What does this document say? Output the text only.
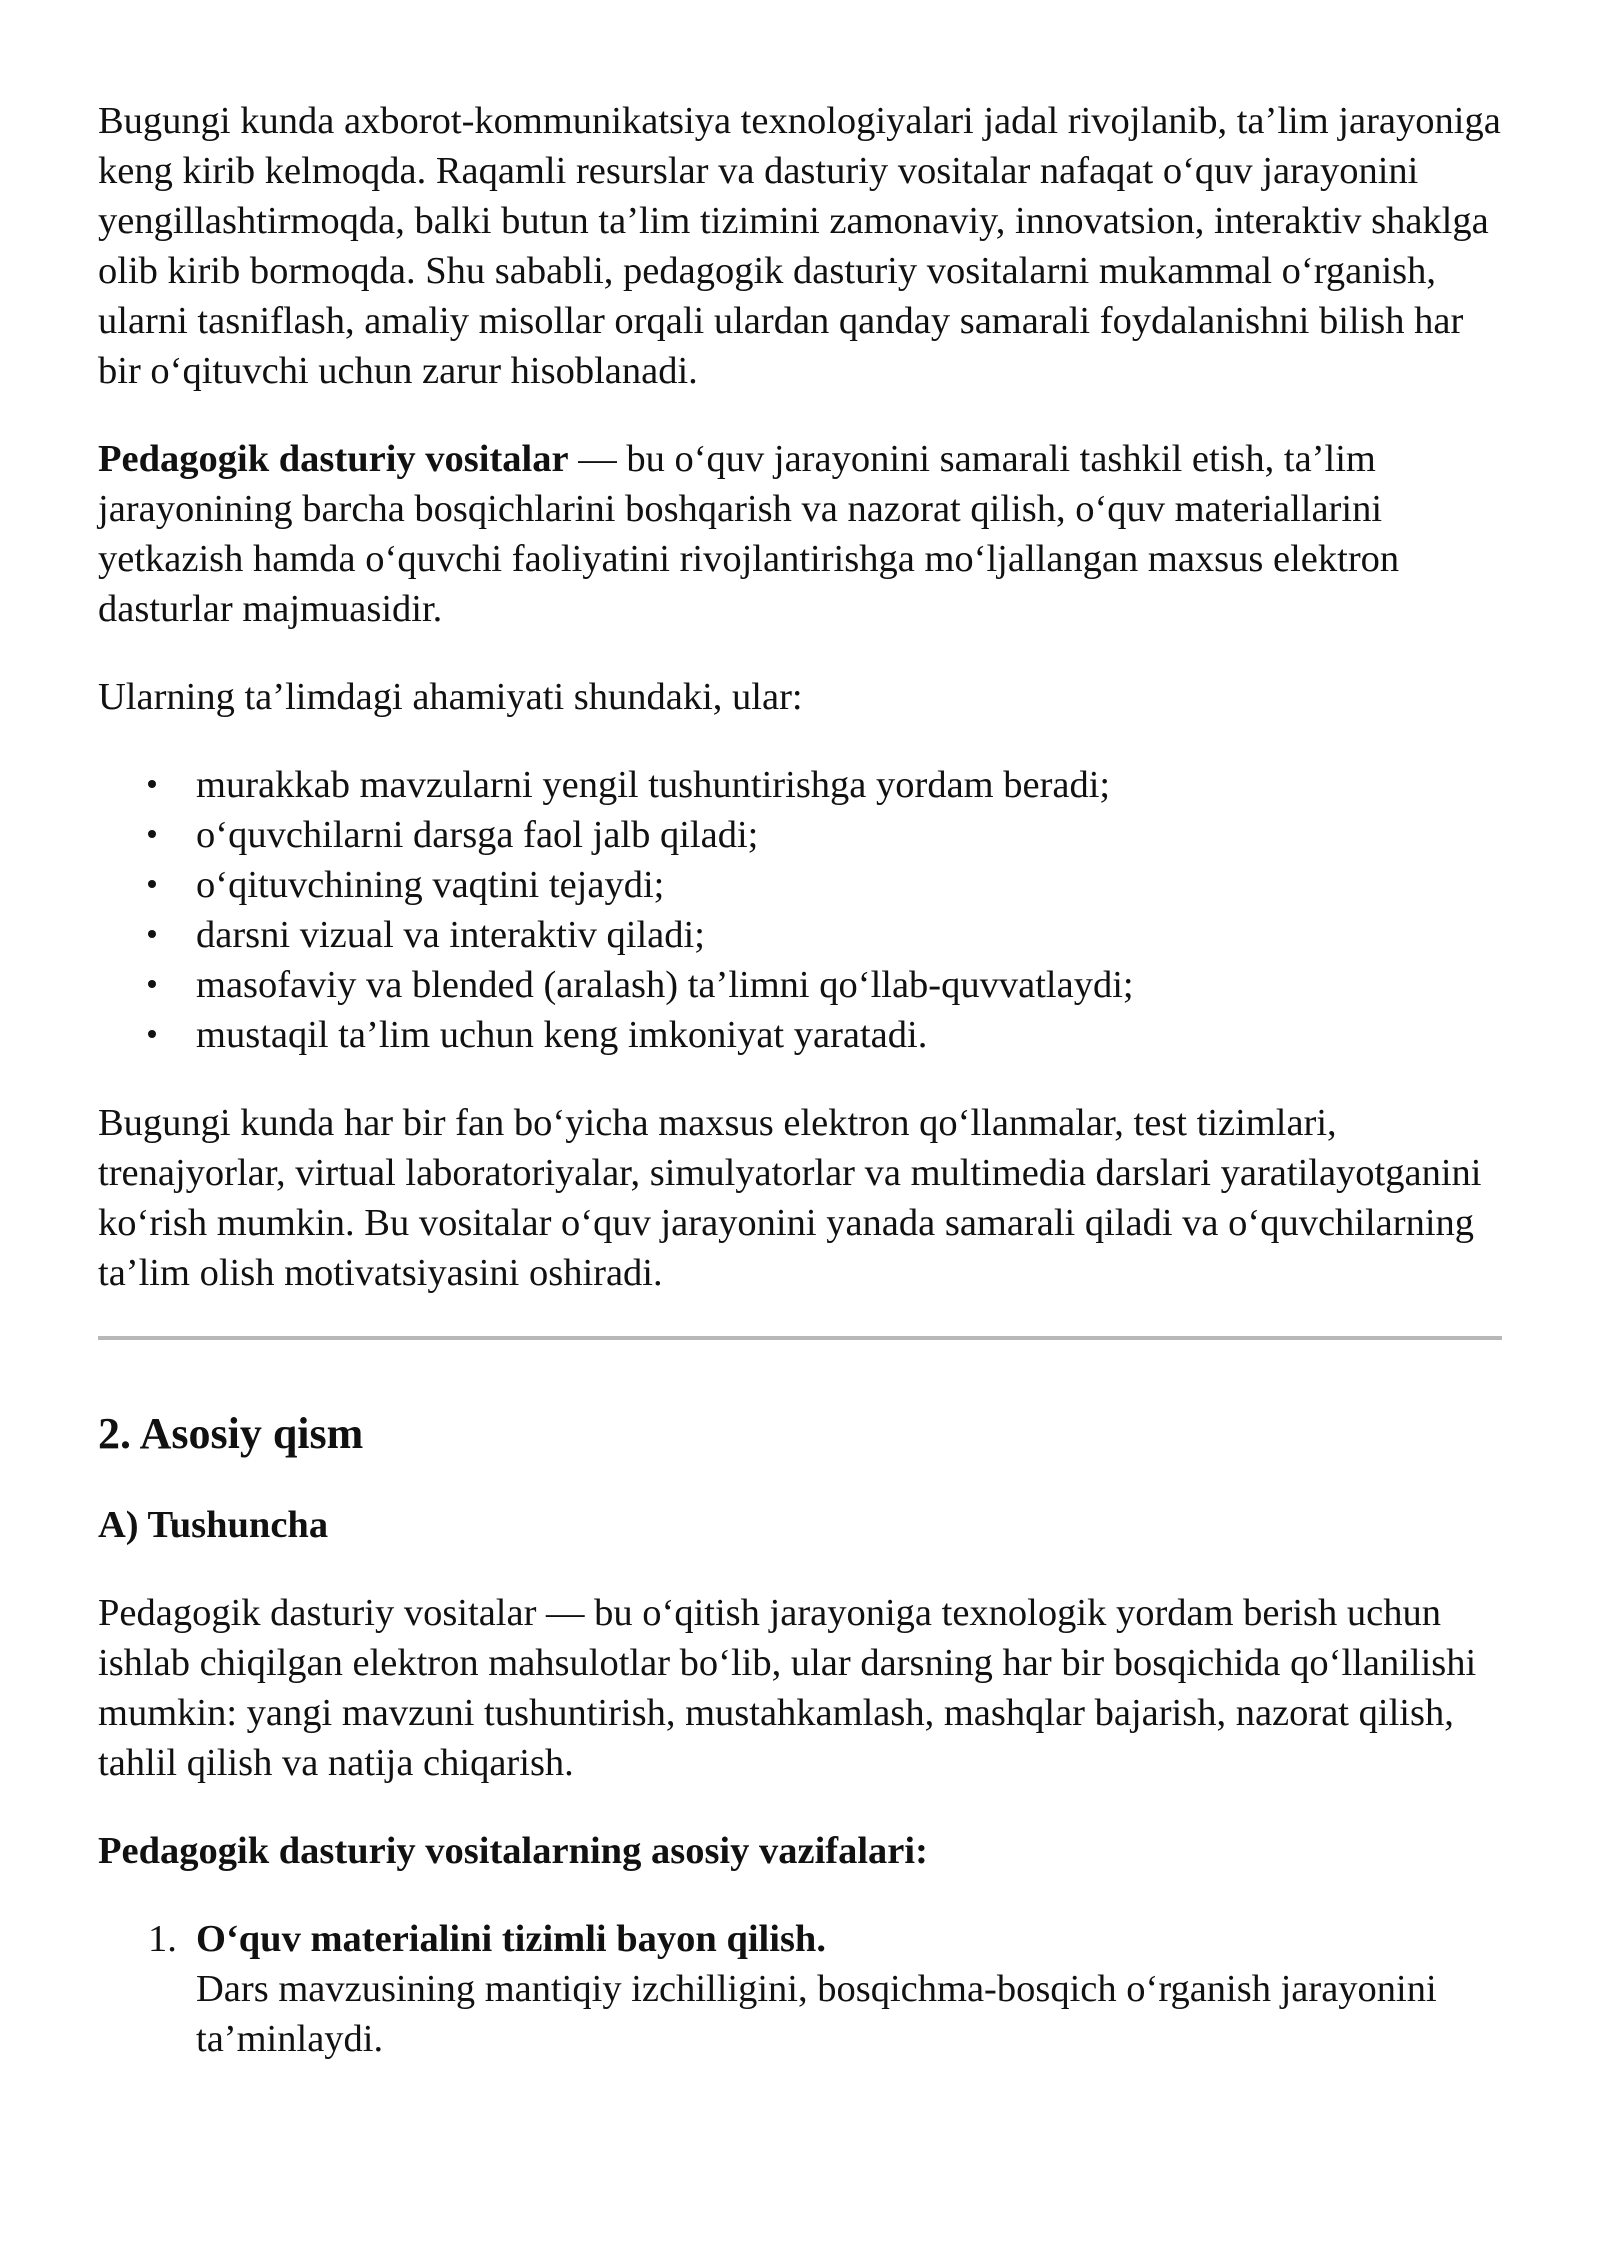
Bugungi kunda axborot-kommunikatsiya texnologiyalari jadal rivojlanib, ta’lim jarayoniga keng kirib kelmoqda. Raqamli resurslar va dasturiy vositalar nafaqat o‘quv jarayonini yengillashtirmoqda, balki butun ta’lim tizimini zamonaviy, innovatsion, interaktiv shaklga olib kirib bormoqda. Shu sababli, pedagogik dasturiy vositalarni mukammal o‘rganish, ularni tasniflash, amaliy misollar orqali ulardan qanday samarali foydalanishni bilish har bir o‘qituvchi uchun zarur hisoblanadi.

Pedagogik dasturiy vositalar — bu o‘quv jarayonini samarali tashkil etish, ta’lim jarayonining barcha bosqichlarini boshqarish va nazorat qilish, o‘quv materiallarini yetkazish hamda o‘quvchi faoliyatini rivojlantirishga mo‘ljallangan maxsus elektron dasturlar majmuasidir.

Ularning ta’limdagi ahamiyati shundaki, ular:

murakkab mavzularni yengil tushuntirishga yordam beradi;
o‘quvchilarni darsga faol jalb qiladi;
o‘qituvchining vaqtini tejaydi;
darsni vizual va interaktiv qiladi;
masofaviy va blended (aralash) ta’limni qo‘llab-quvvatlaydi;
mustaqil ta’lim uchun keng imkoniyat yaratadi.

Bugungi kunda har bir fan bo‘yicha maxsus elektron qo‘llanmalar, test tizimlari, trenajyorlar, virtual laboratoriyalar, simulyatorlar va multimedia darslari yaratilayotganini ko‘rish mumkin. Bu vositalar o‘quv jarayonini yanada samarali qiladi va o‘quvchilarning ta’lim olish motivatsiyasini oshiradi.

2. Asosiy qism
A) Tushuncha

Pedagogik dasturiy vositalar — bu o‘qitish jarayoniga texnologik yordam berish uchun ishlab chiqilgan elektron mahsulotlar bo‘lib, ular darsning har bir bosqichida qo‘llanilishi mumkin: yangi mavzuni tushuntirish, mustahkamlash, mashqlar bajarish, nazorat qilish, tahlil qilish va natija chiqarish.

Pedagogik dasturiy vositalarning asosiy vazifalari:
1. O‘quv materialini tizimli bayon qilish.
Dars mavzusining mantiqiy izchilligini, bosqichma-bosqich o‘rganish jarayonini ta’minlaydi.
